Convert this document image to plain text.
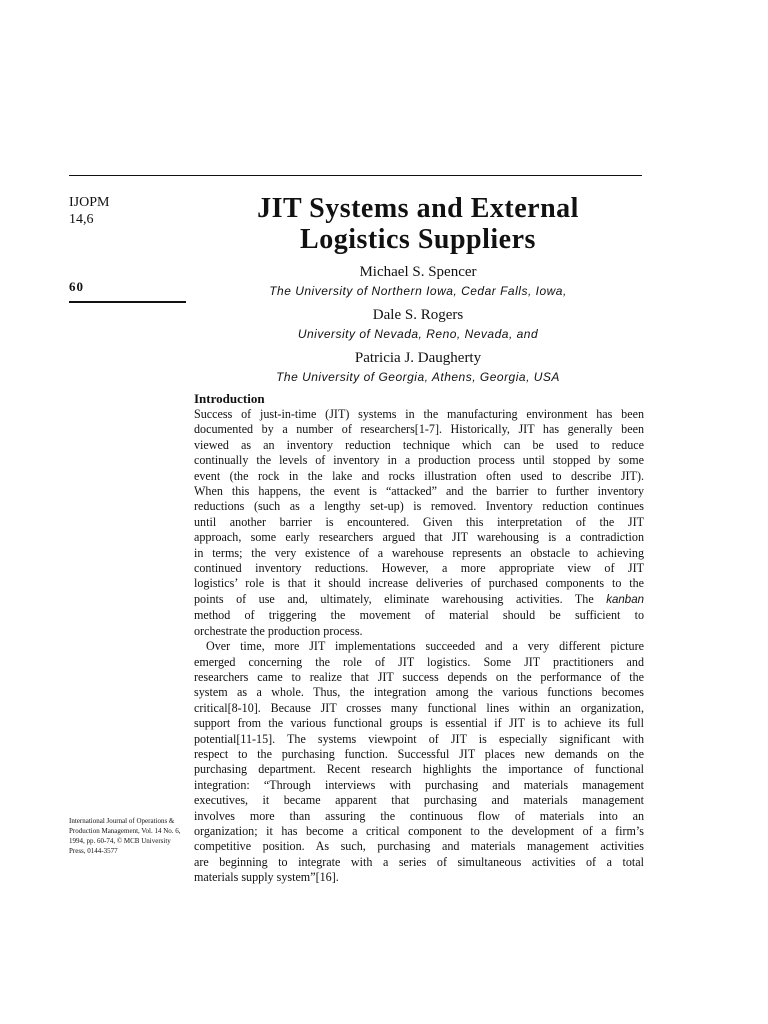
IJOPM
14,6
60
International Journal of Operations & Production Management, Vol. 14 No. 6, 1994, pp. 60-74, © MCB University Press, 0144-3577
JIT Systems and External
Logistics Suppliers
Michael S. Spencer
The University of Northern Iowa, Cedar Falls, Iowa,
Dale S. Rogers
University of Nevada, Reno, Nevada, and
Patricia J. Daugherty
The University of Georgia, Athens, Georgia, USA
Introduction
Success of just-in-time (JIT) systems in the manufacturing environment has been
documented by a number of researchers[1-7]. Historically, JIT has generally been
viewed as an inventory reduction technique which can be used to reduce
continually the levels of inventory in a production process until stopped by some
event (the rock in the lake and rocks illustration often used to describe JIT).
When this happens, the event is “attacked” and the barrier to further inventory
reductions (such as a lengthy set-up) is removed. Inventory reduction continues
until another barrier is encountered. Given this interpretation of the JIT
approach, some early researchers argued that JIT warehousing is a contradiction
in terms; the very existence of a warehouse represents an obstacle to achieving
continued inventory reductions. However, a more appropriate view of JIT
logistics’ role is that it should increase deliveries of purchased components to the
points of use and, ultimately, eliminate warehousing activities. The kanban
method of triggering the movement of material should be sufficient to
orchestrate the production process.
Over time, more JIT implementations succeeded and a very different picture
emerged concerning the role of JIT logistics. Some JIT practitioners and
researchers came to realize that JIT success depends on the performance of the
system as a whole. Thus, the integration among the various functions becomes
critical[8-10]. Because JIT crosses many functional lines within an organization,
support from the various functional groups is essential if JIT is to achieve its full
potential[11-15]. The systems viewpoint of JIT is especially significant with
respect to the purchasing function. Successful JIT places new demands on the
purchasing department. Recent research highlights the importance of functional
integration: “Through interviews with purchasing and materials management
executives, it became apparent that purchasing and materials management
involves more than assuring the continuous flow of materials into an
organization; it has become a critical component to the development of a firm’s
competitive position. As such, purchasing and materials management activities
are beginning to integrate with a series of simultaneous activities of a total
materials supply system”[16].
